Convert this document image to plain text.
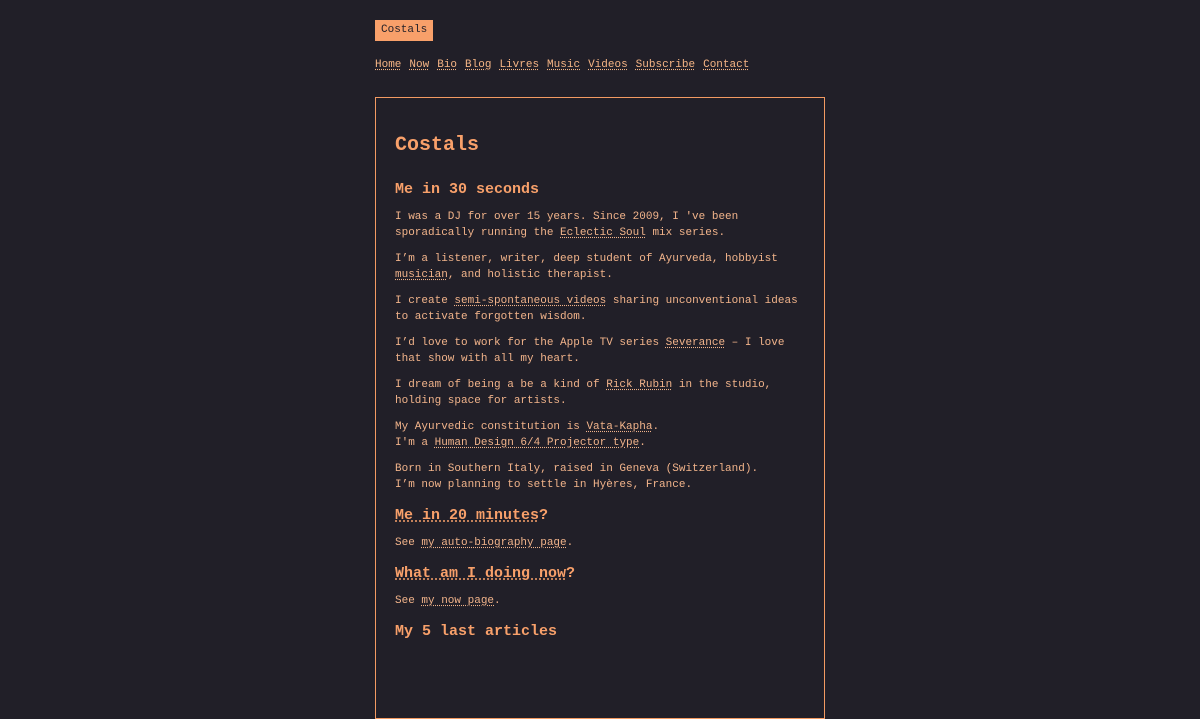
Costals
Home Now Bio Blog Livres Music Videos Subscribe Contact
Costals
Me in 30 seconds

I was a DJ for over 15 years. Since 2009, I 've been sporadically running the Eclectic Soul mix series.

I’m a listener, writer, deep student of Ayurveda, hobbyist musician, and holistic therapist.

I create semi-spontaneous videos sharing unconventional ideas to activate forgotten wisdom.

I’d love to work for the Apple TV series Severance – I love that show with all my heart.

I dream of being a be a kind of Rick Rubin in the studio, holding space for artists.

My Ayurvedic constitution is Vata-Kapha.
I'm a Human Design 6/4 Projector type.

Born in Southern Italy, raised in Geneva (Switzerland).
I’m now planning to settle in Hyères, France.

Me in 20 minutes?

See my auto-biography page.

What am I doing now?

See my now page.

My 5 last articles
